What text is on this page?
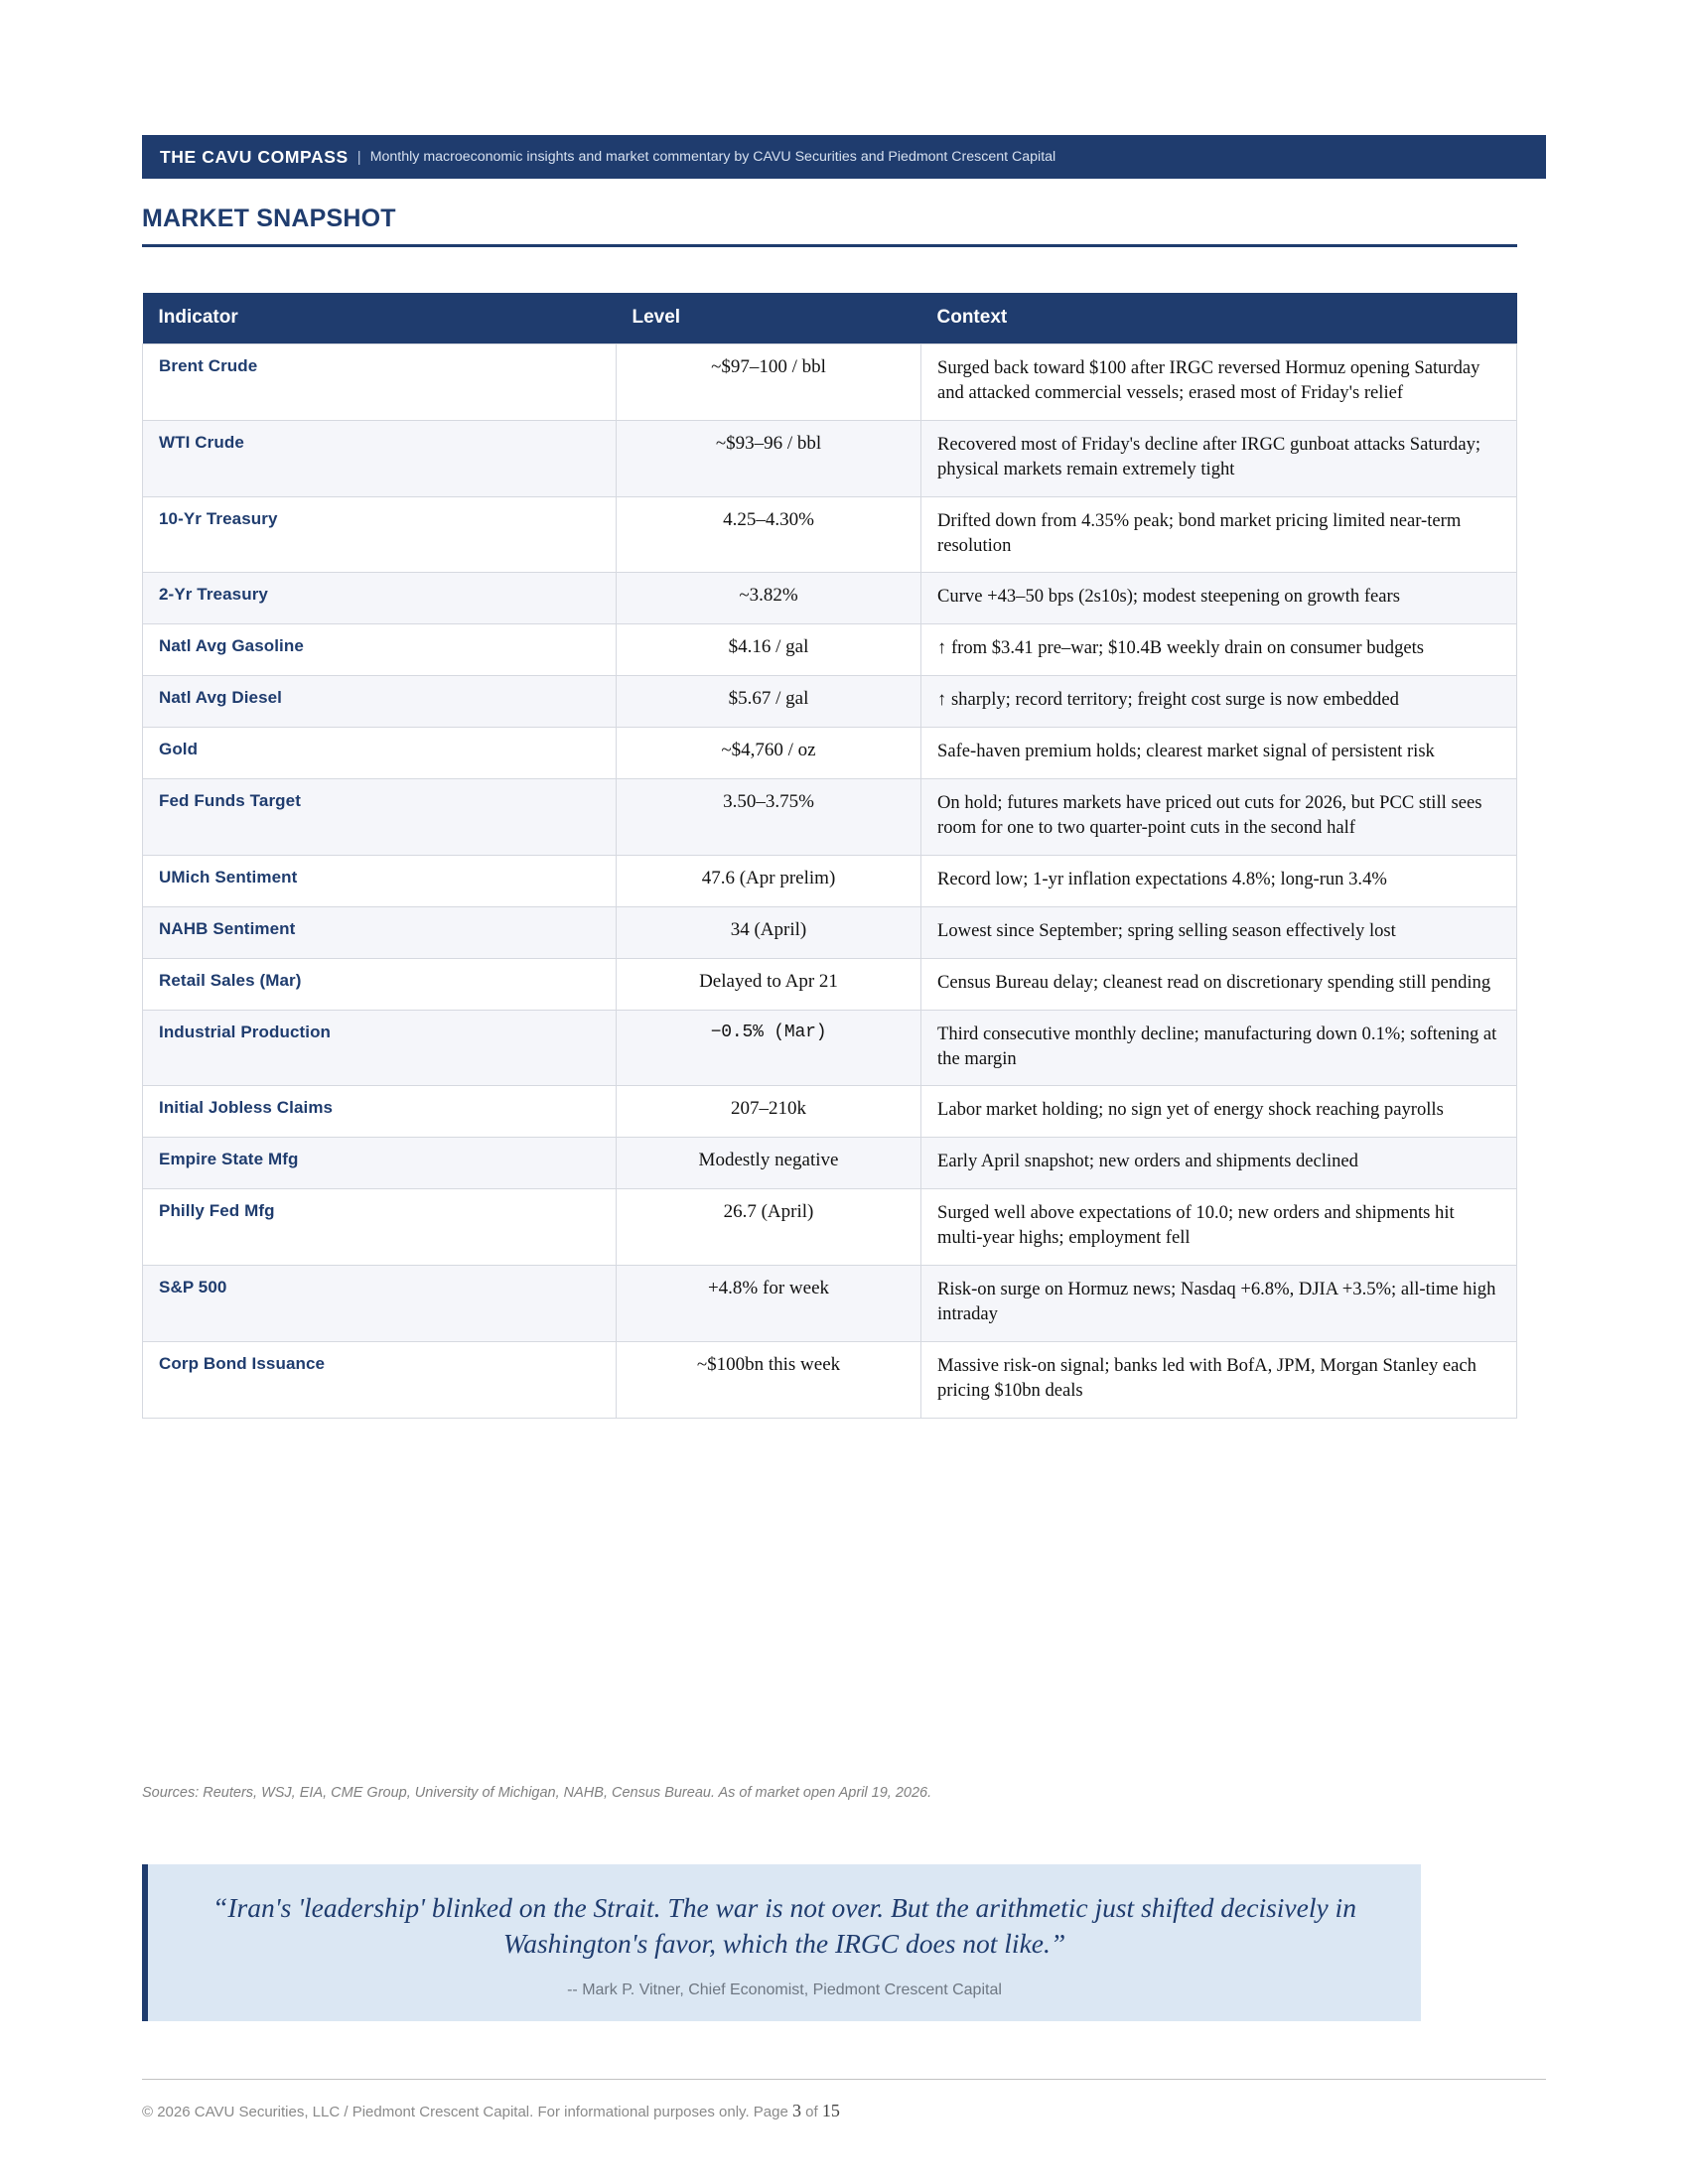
THE CAVU COMPASS | Monthly macroeconomic insights and market commentary by CAVU Securities and Piedmont Crescent Capital
MARKET SNAPSHOT
Indicator	Level	Context
Brent Crude	~$97–100 / bbl	Surged back toward $100 after IRGC reversed Hormuz opening Saturday and attacked commercial vessels; erased most of Friday's relief
WTI Crude	~$93–96 / bbl	Recovered most of Friday's decline after IRGC gunboat attacks Saturday; physical markets remain extremely tight
10-Yr Treasury	4.25–4.30%	Drifted down from 4.35% peak; bond market pricing limited near-term resolution
2-Yr Treasury	~3.82%	Curve +43–50 bps (2s10s); modest steepening on growth fears
Natl Avg Gasoline	$4.16 / gal	↑ from $3.41 pre–war; $10.4B weekly drain on consumer budgets
Natl Avg Diesel	$5.67 / gal	↑ sharply; record territory; freight cost surge is now embedded
Gold	~$4,760 / oz	Safe-haven premium holds; clearest market signal of persistent risk
Fed Funds Target	3.50–3.75%	On hold; futures markets have priced out cuts for 2026, but PCC still sees room for one to two quarter-point cuts in the second half
UMich Sentiment	47.6 (Apr prelim)	Record low; 1-yr inflation expectations 4.8%; long-run 3.4%
NAHB Sentiment	34 (April)	Lowest since September; spring selling season effectively lost
Retail Sales (Mar)	Delayed to Apr 21	Census Bureau delay; cleanest read on discretionary spending still pending
Industrial Production	−0.5% (Mar)	Third consecutive monthly decline; manufacturing down 0.1%; softening at the margin
Initial Jobless Claims	207–210k	Labor market holding; no sign yet of energy shock reaching payrolls
Empire State Mfg	Modestly negative	Early April snapshot; new orders and shipments declined
Philly Fed Mfg	26.7 (April)	Surged well above expectations of 10.0; new orders and shipments hit multi-year highs; employment fell
S&P 500	+4.8% for week	Risk-on surge on Hormuz news; Nasdaq +6.8%, DJIA +3.5%; all-time high intraday
Corp Bond Issuance	~$100bn this week	Massive risk-on signal; banks led with BofA, JPM, Morgan Stanley each pricing $10bn deals
Sources: Reuters, WSJ, EIA, CME Group, University of Michigan, NAHB, Census Bureau. As of market open April 19, 2026.
“Iran's 'leadership' blinked on the Strait. The war is not over. But the arithmetic just shifted decisively in Washington's favor, which the IRGC does not like.”
-- Mark P. Vitner, Chief Economist, Piedmont Crescent Capital
© 2026 CAVU Securities, LLC / Piedmont Crescent Capital. For informational purposes only. Page 3 of 15
